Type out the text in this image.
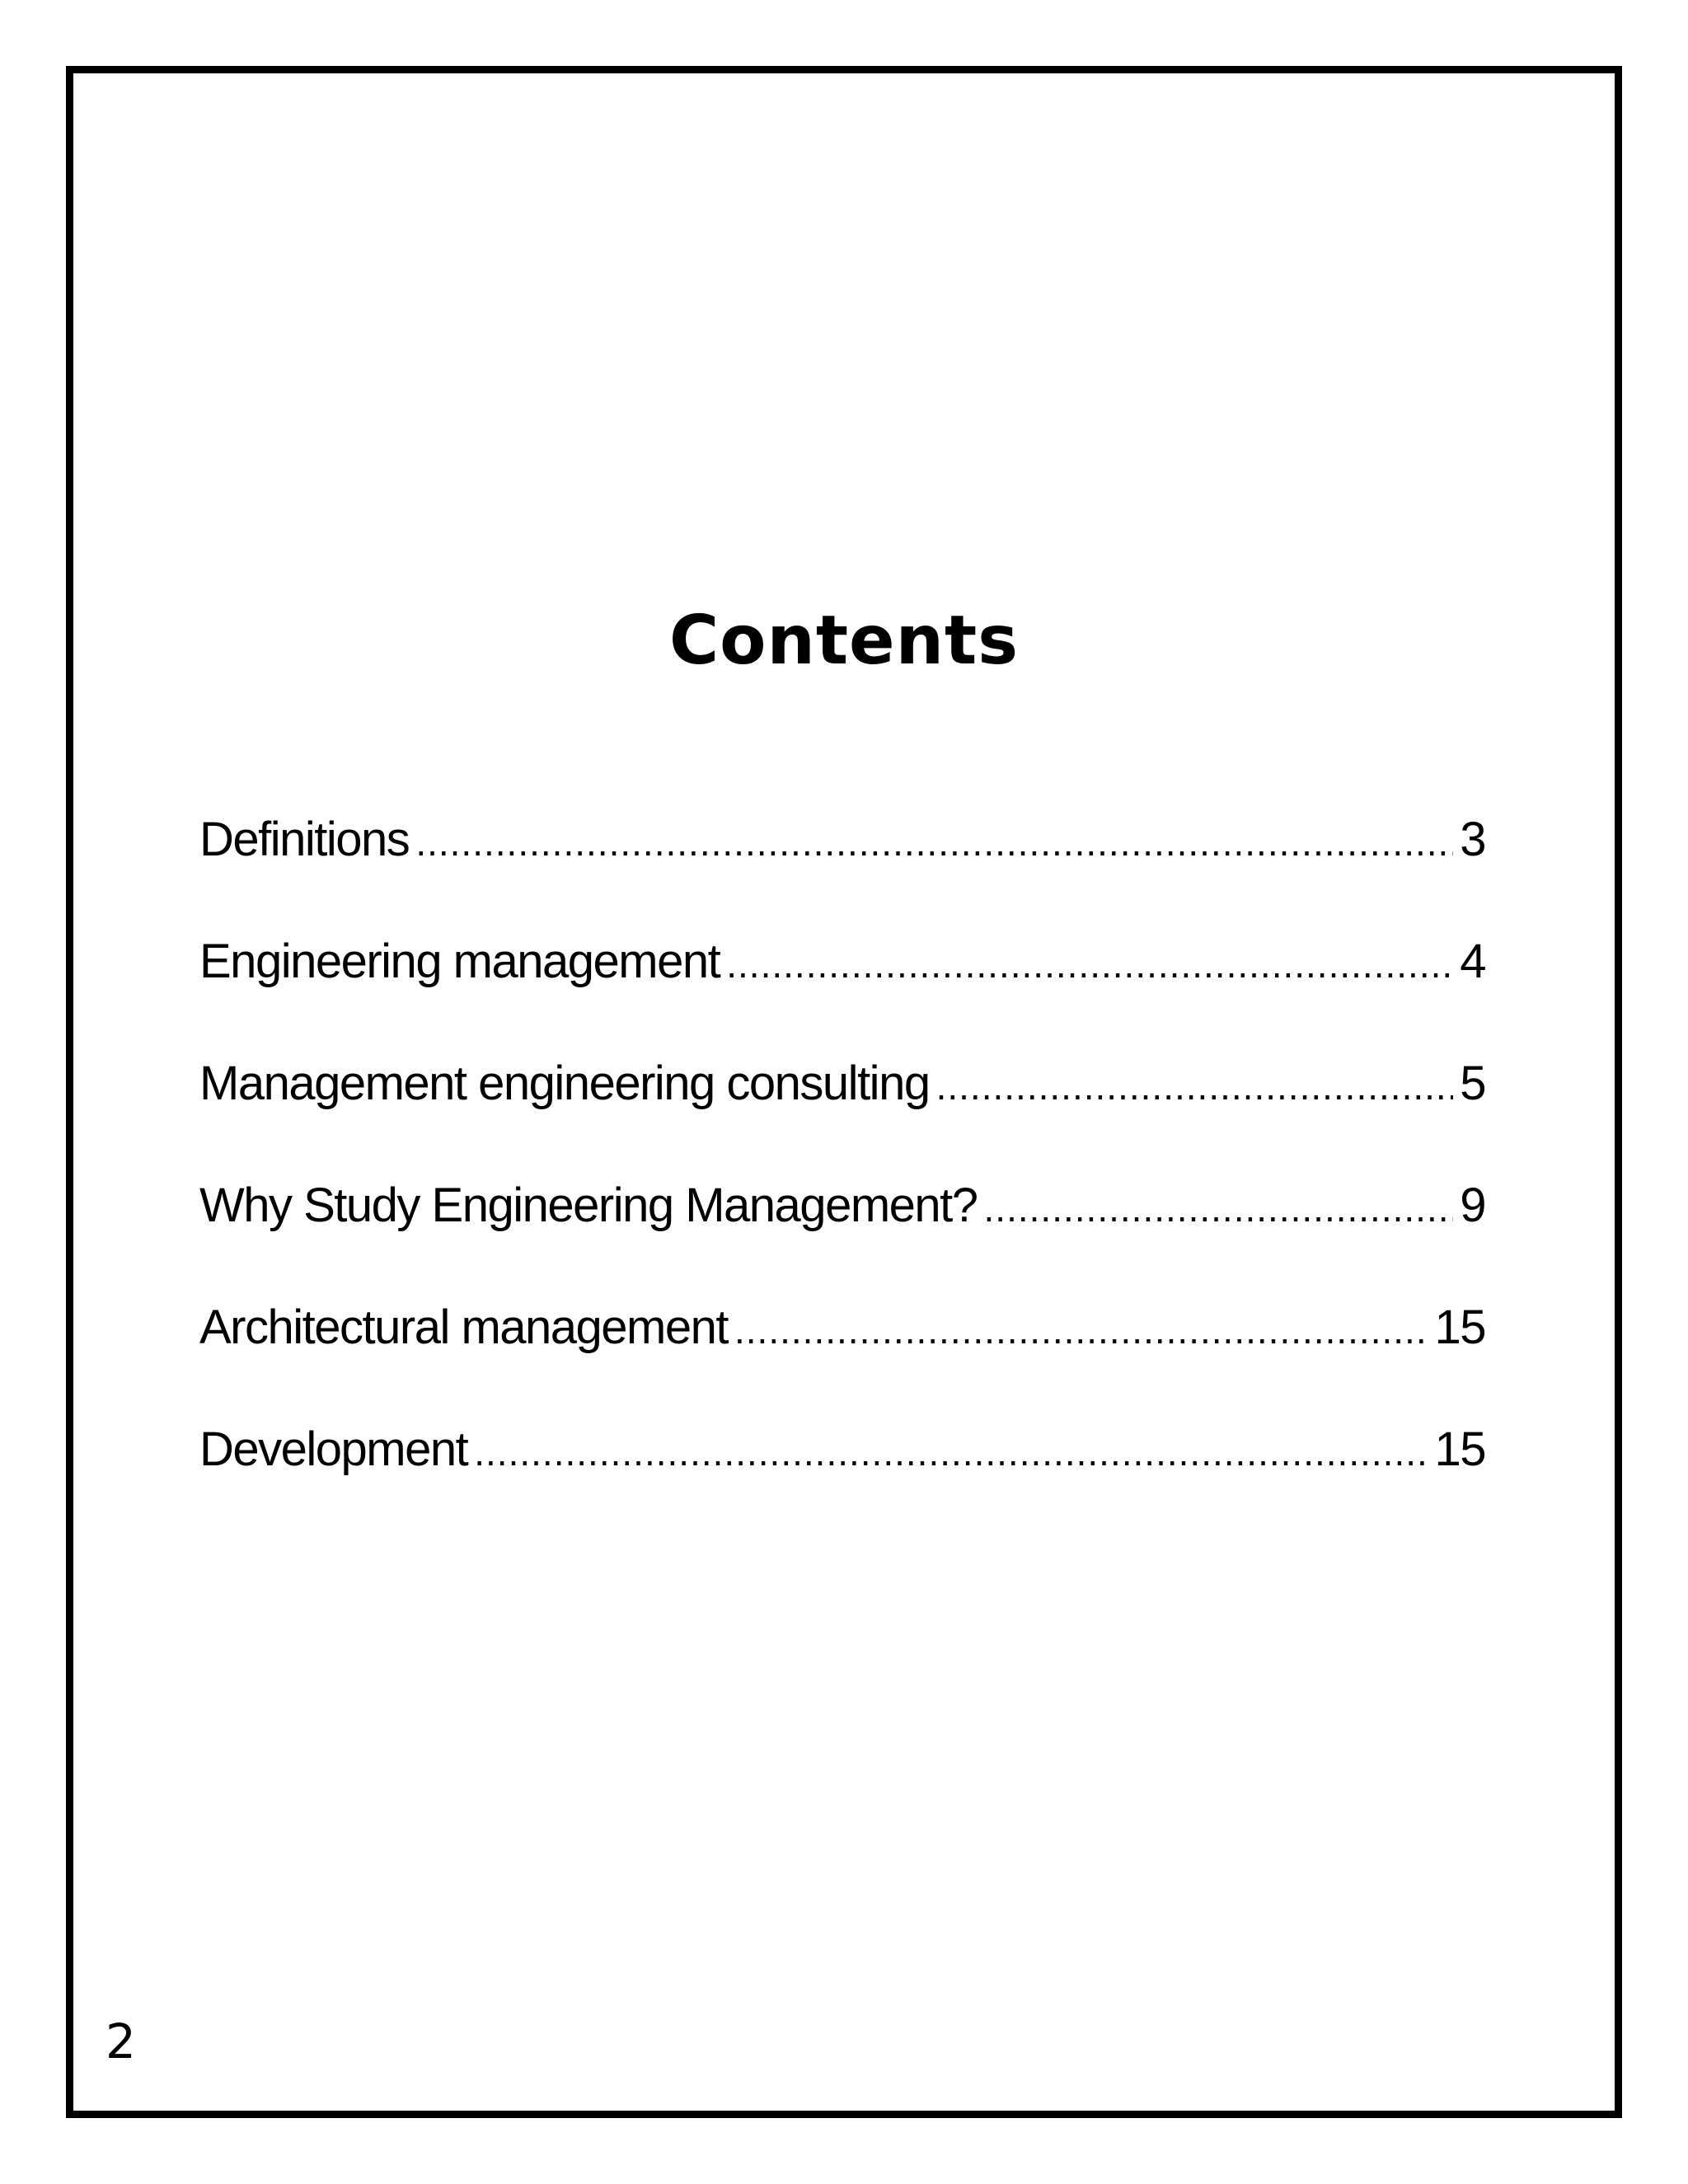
Contents
Definitions .....	3
Engineering management .....	4
Management engineering consulting .....	5
Why Study Engineering Management? .....	9
Architectural management .....	15
Development .....	15
2
